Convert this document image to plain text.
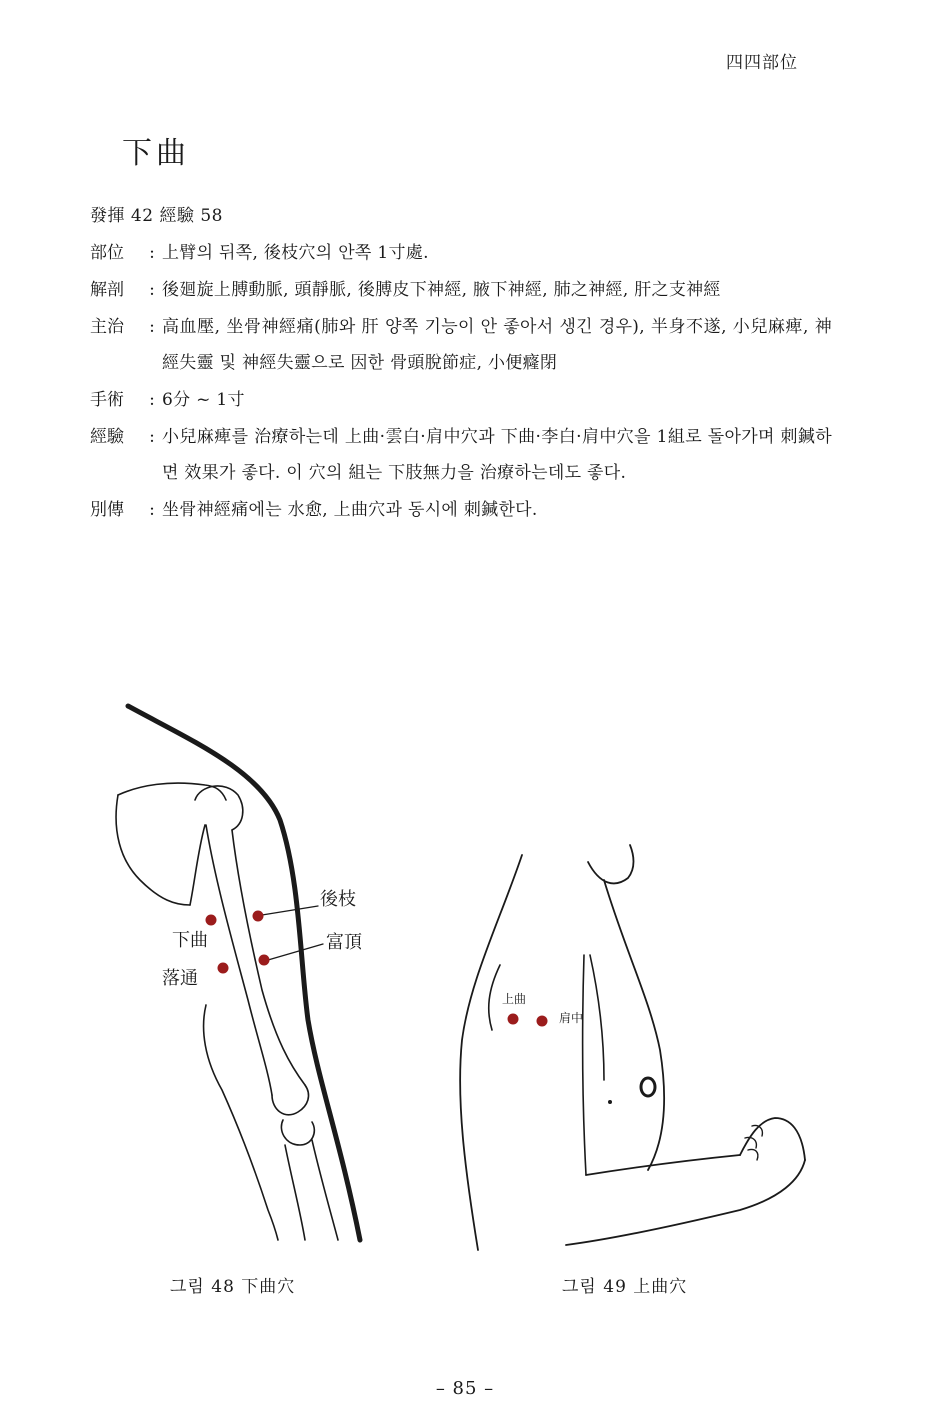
四四部位
下曲
發揮 42 經驗 58
部位	: 上臂의 뒤쪽, 後枝穴의 안쪽 1寸處.
解剖	: 後廻旋上膊動脈, 頭靜脈, 後膊皮下神經, 腋下神經, 肺之神經, 肝之支神經
主治	: 高血壓, 坐骨神經痛(肺와 肝 양쪽 기능이 안 좋아서 생긴 경우), 半身不遂, 小兒麻痺, 神經失靈 및 神經失靈으로 因한 骨頭脫節症, 小便癃閉
手術	: 6分 ~ 1寸
經驗	: 小兒麻痺를 治療하는데 上曲·雲白·肩中穴과 下曲·李白·肩中穴을 1組로 돌아가며 刺鍼하면 效果가 좋다. 이 穴의 組는 下肢無力을 治療하는데도 좋다.
別傳	: 坐骨神經痛에는 水愈, 上曲穴과 동시에 刺鍼한다.
後枝
富頂
下曲
落通
上曲
肩中
그림 48 下曲穴	그림 49 上曲穴
– 85 –
